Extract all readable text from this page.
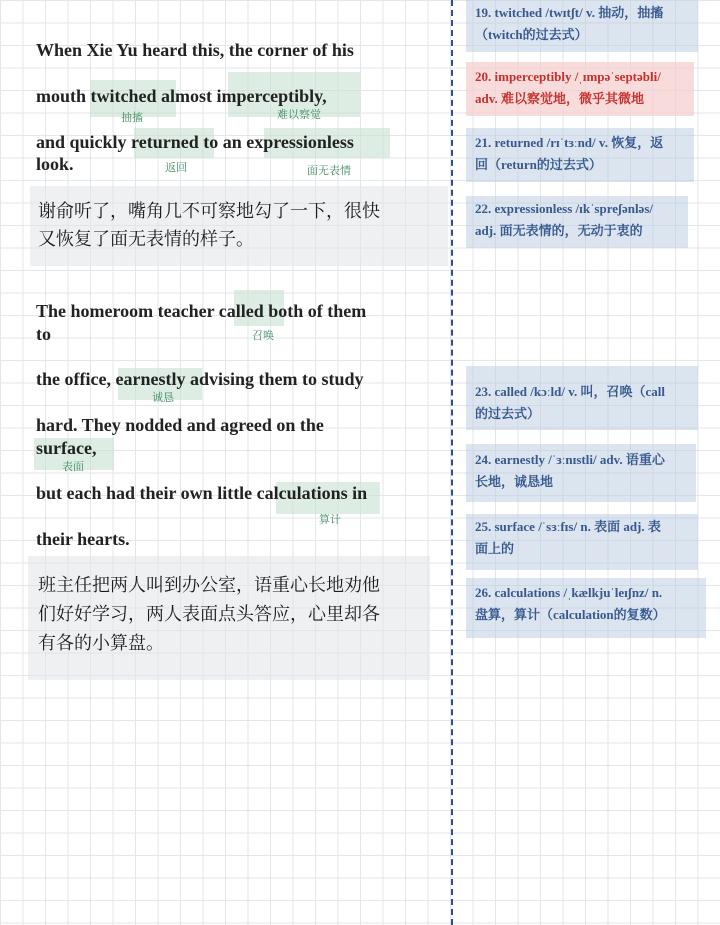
When Xie Yu heard this, the corner of his

mouth twitched almost imperceptibly,

and quickly returned to an expressionless

look.

抽搐	难以察觉
返回	面无表情

谢俞听了，嘴角几不可察地勾了一下，很快

又恢复了面无表情的样子。

The homeroom teacher called both of them

to

the office, earnestly advising them to study

hard. They nodded and agreed on the

surface,

but each had their own little calculations in

their hearts.

召唤
诚恳
表面
算计

班主任把两人叫到办公室，语重心长地劝他

们好好学习，两人表面点头答应，心里却各

有各的小算盘。

19. twitched /twɪtʃt/ v. 抽动，抽搐
（twitch的过去式）

20. imperceptibly /ˌɪmpəˈseptəbli/
adv. 难以察觉地，微乎其微地

21. returned /rɪˈtɜːnd/ v. 恢复，返
回（return的过去式）

22. expressionless /ɪkˈspreʃənləs/
adj. 面无表情的，无动于衷的

23. called /kɔːld/ v. 叫，召唤（call
的过去式）

24. earnestly /ˈɜːnɪstli/ adv. 语重心
长地，诚恳地

25. surface /ˈsɜːfɪs/ n. 表面 adj. 表
面上的

26. calculations /ˌkælkjuˈleɪʃnz/ n.
盘算，算计（calculation的复数）
